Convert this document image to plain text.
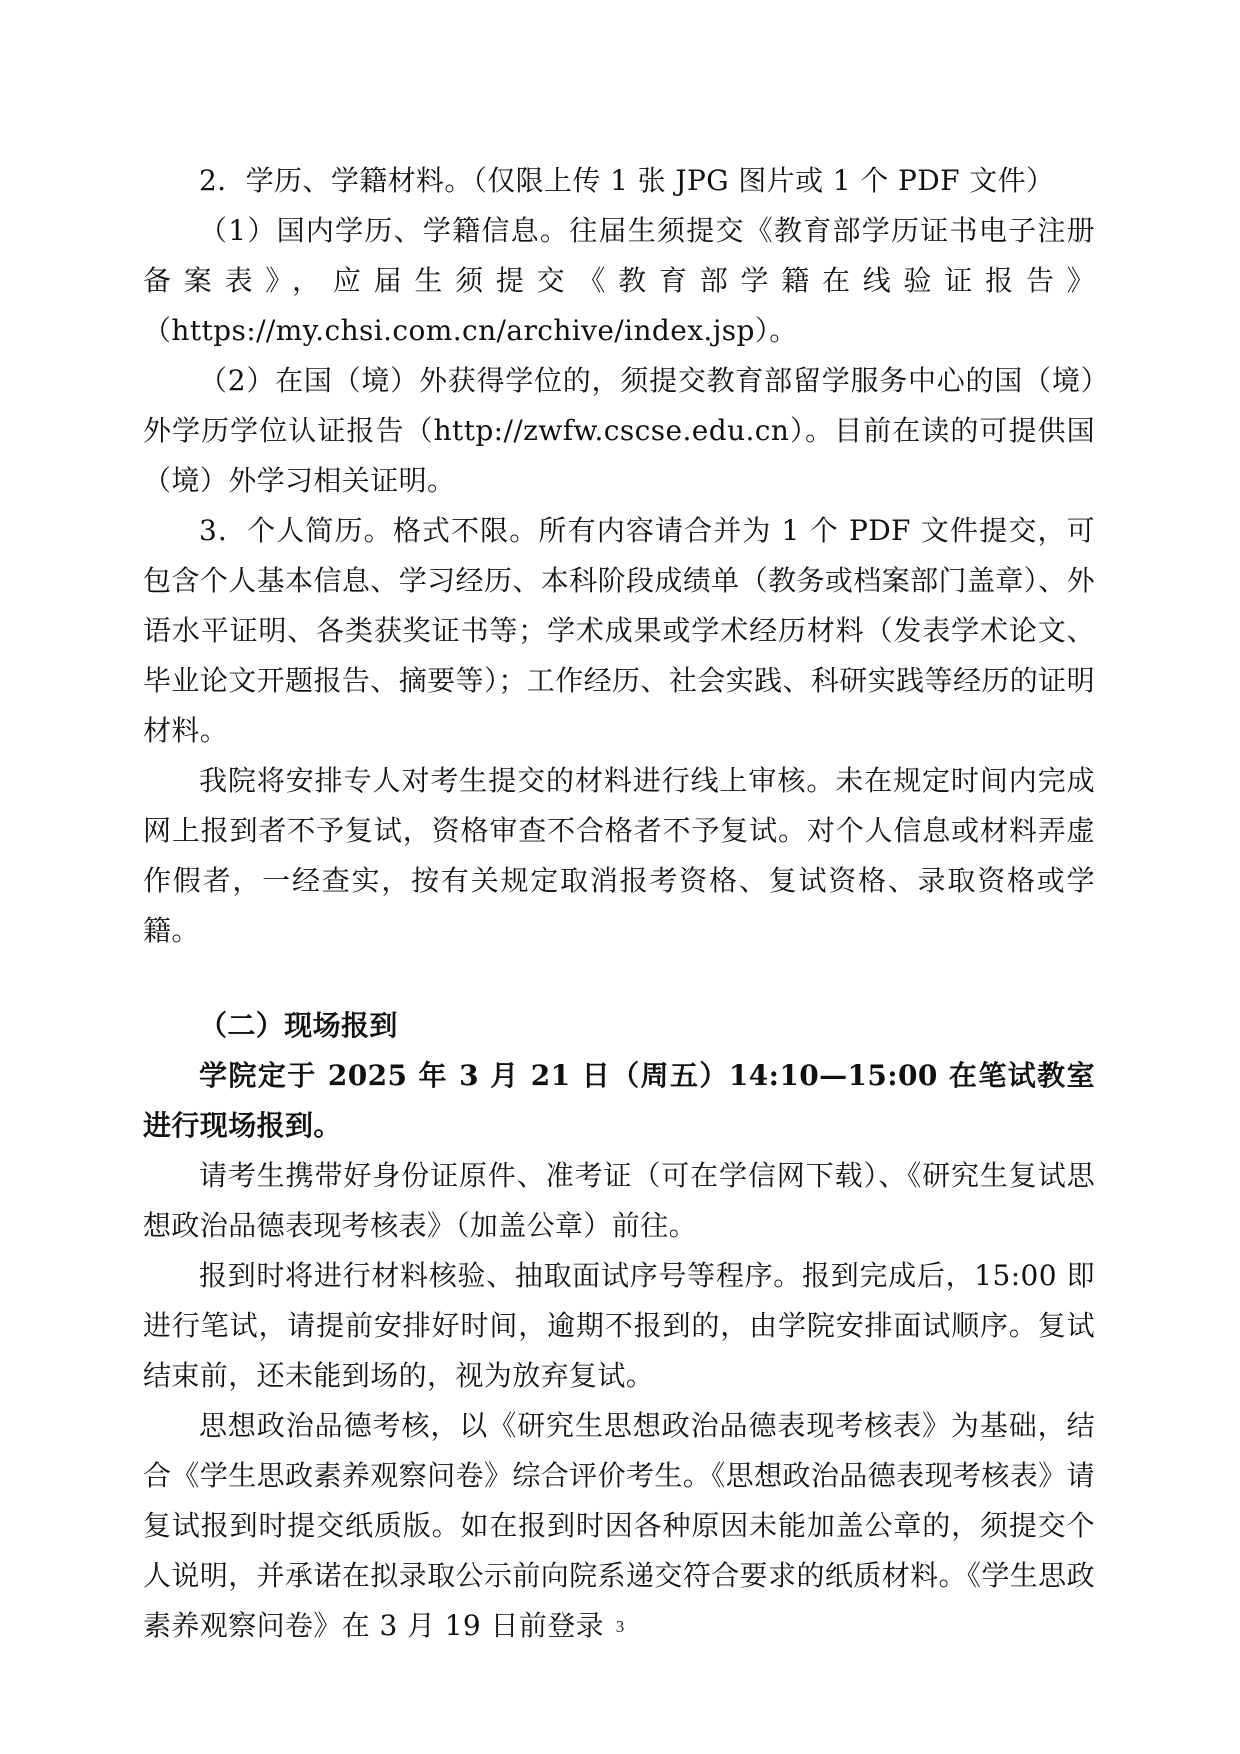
2．学历、学籍材料。（仅限上传 1 张 JPG 图片或 1 个 PDF 文件）

（1）国内学历、学籍信息。往届生须提交《教育部学历证书电子注册备案表》，应届生须提交《教育部学籍在线验证报告》（https://my.chsi.com.cn/archive/index.jsp）。

（2）在国（境）外获得学位的，须提交教育部留学服务中心的国（境）外学历学位认证报告（http://zwfw.cscse.edu.cn）。目前在读的可提供国（境）外学习相关证明。

3．个人简历。格式不限。所有内容请合并为 1 个 PDF 文件提交，可包含个人基本信息、学习经历、本科阶段成绩单（教务或档案部门盖章）、外语水平证明、各类获奖证书等；学术成果或学术经历材料（发表学术论文、毕业论文开题报告、摘要等）；工作经历、社会实践、科研实践等经历的证明材料。

我院将安排专人对考生提交的材料进行线上审核。未在规定时间内完成网上报到者不予复试，资格审查不合格者不予复试。对个人信息或材料弄虚作假者，一经查实，按有关规定取消报考资格、复试资格、录取资格或学籍。

（二）现场报到

学院定于 2025 年 3 月 21 日（周五）14:10—15:00 在笔试教室进行现场报到。

请考生携带好身份证原件、准考证（可在学信网下载）、《研究生复试思想政治品德表现考核表》（加盖公章）前往。

报到时将进行材料核验、抽取面试序号等程序。报到完成后，15:00 即进行笔试，请提前安排好时间，逾期不报到的，由学院安排面试顺序。复试结束前，还未能到场的，视为放弃复试。

思想政治品德考核，以《研究生思想政治品德表现考核表》为基础，结合《学生思政素养观察问卷》综合评价考生。《思想政治品德表现考核表》请复试报到时提交纸质版。如在报到时因各种原因未能加盖公章的，须提交个人说明，并承诺在拟录取公示前向院系递交符合要求的纸质材料。《学生思政素养观察问卷》在 3 月 19 日前登录 3
